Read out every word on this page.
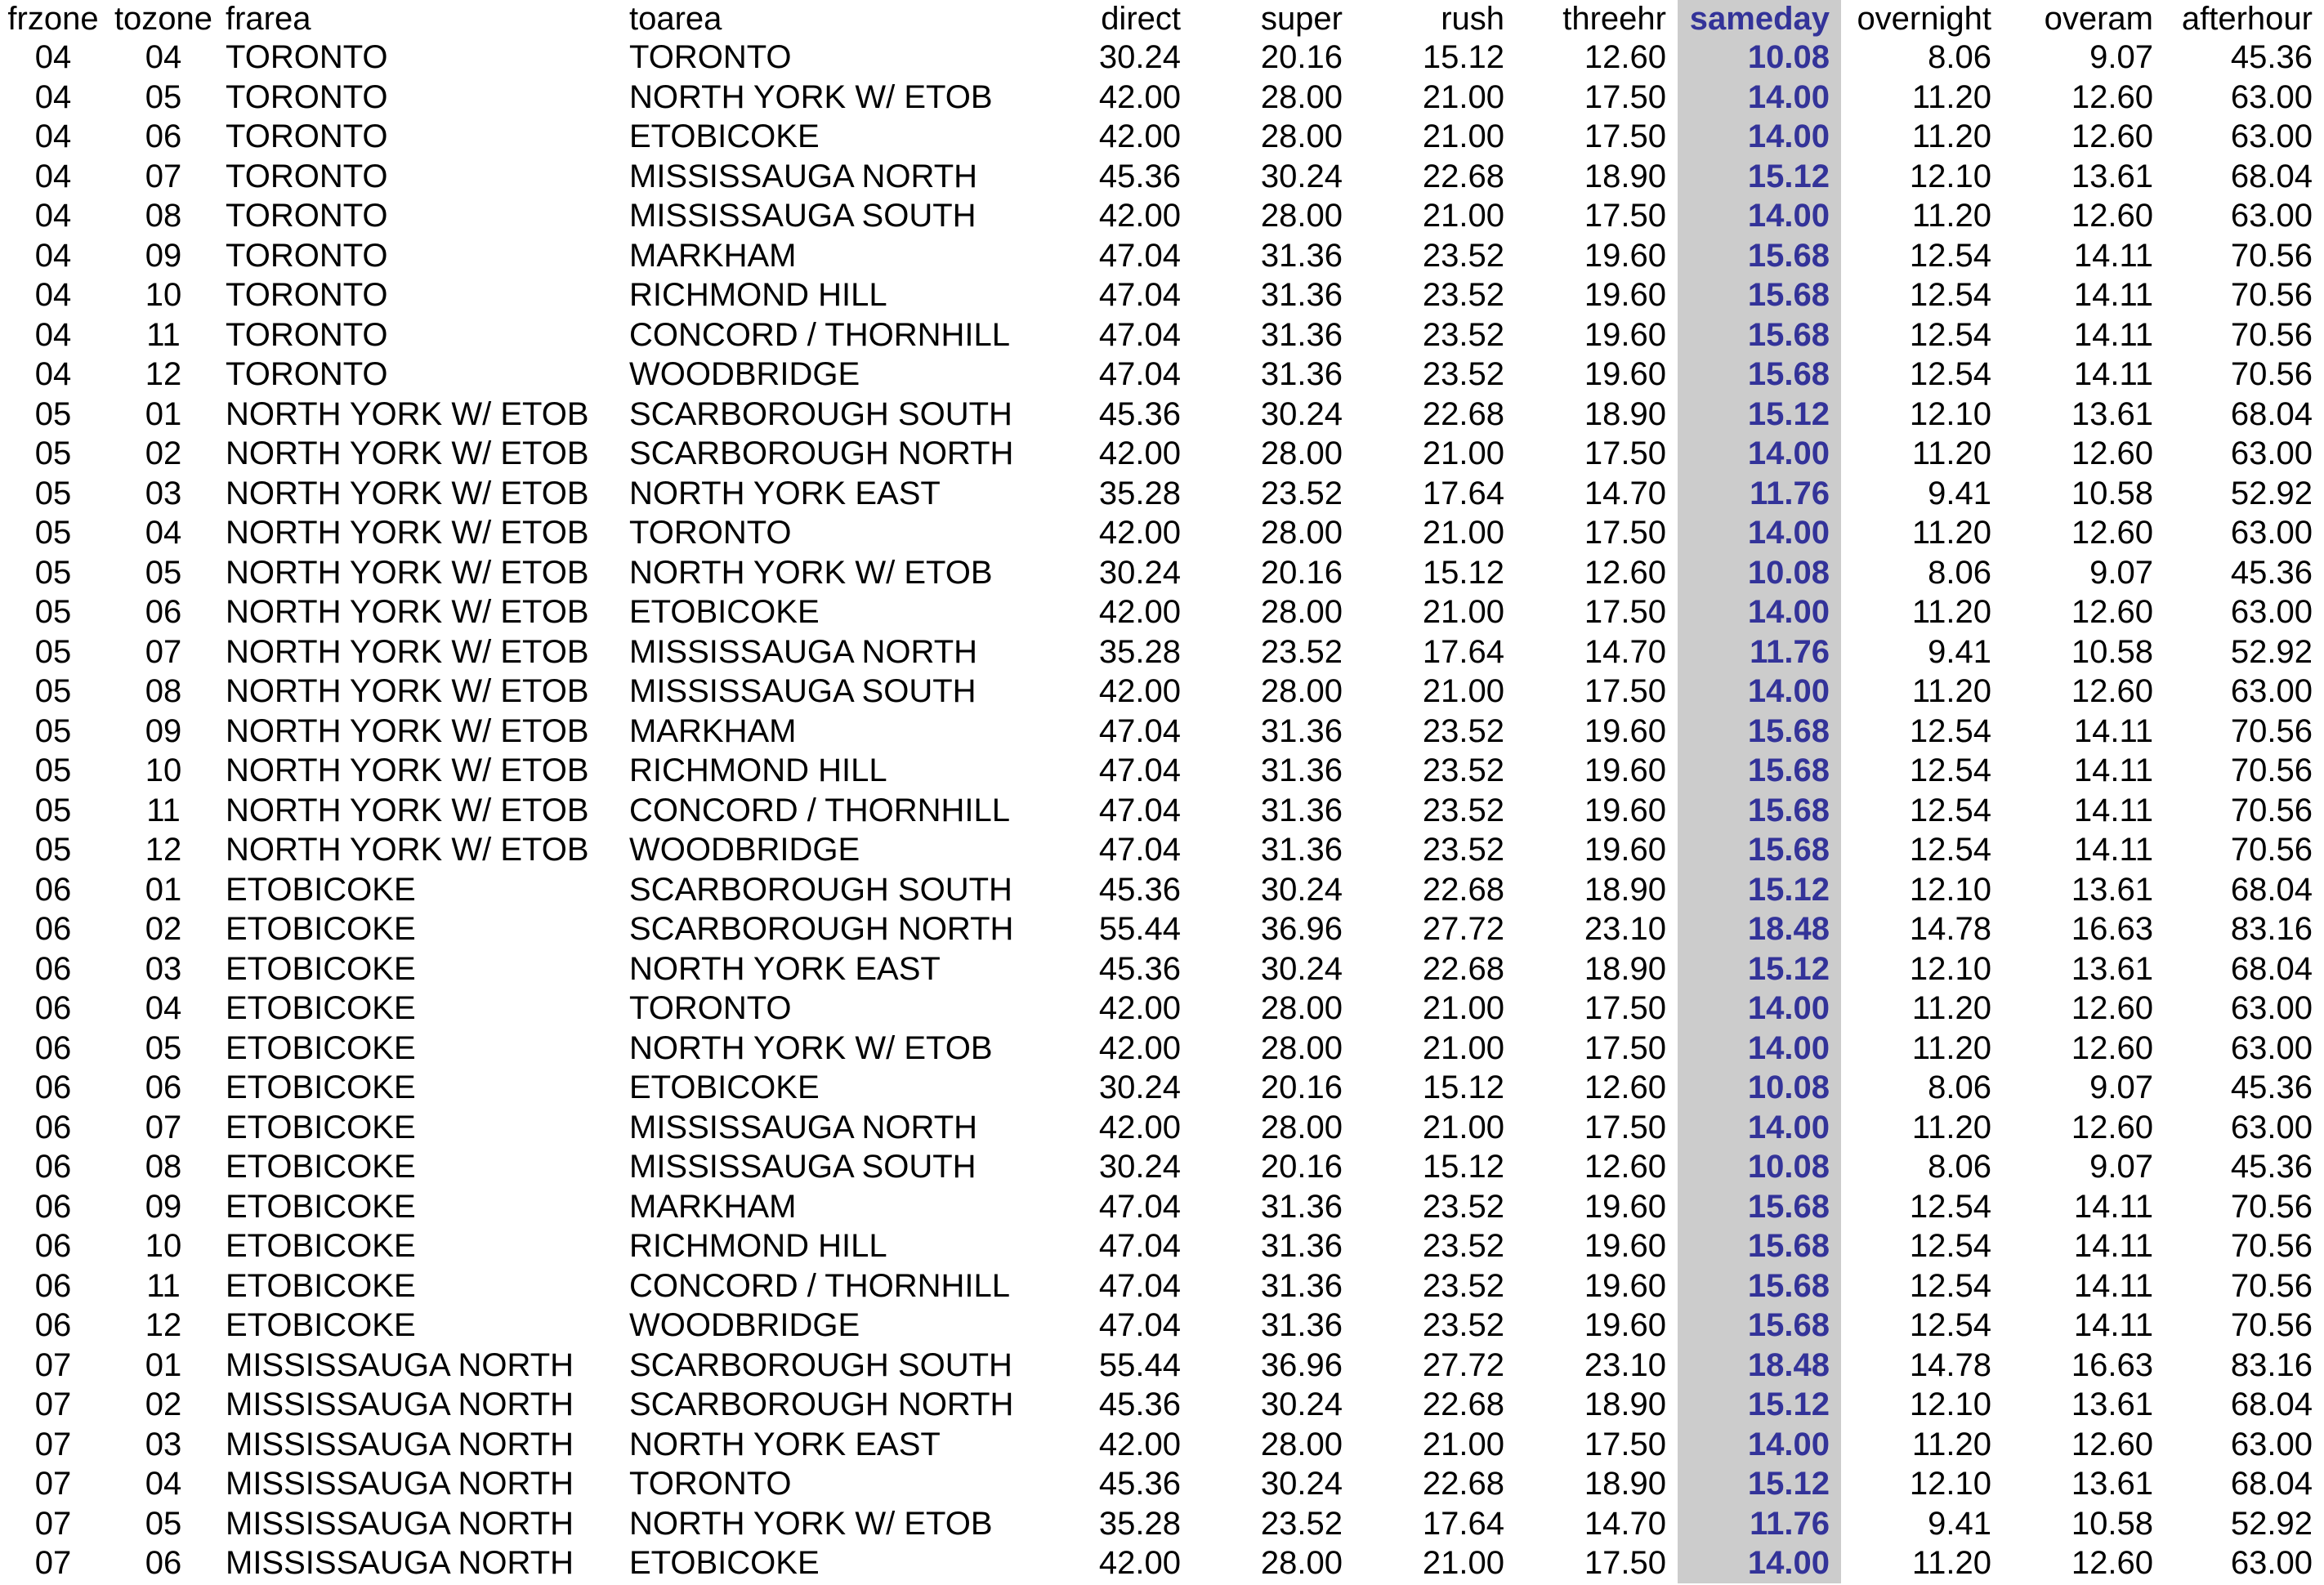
frzone	tozone	frarea	toarea	direct	super	rush	threehr	sameday	overnight	overam	afterhour
04	04	TORONTO	TORONTO	30.24	20.16	15.12	12.60	10.08	8.06	9.07	45.36
04	05	TORONTO	NORTH YORK W/ ETOB	42.00	28.00	21.00	17.50	14.00	11.20	12.60	63.00
04	06	TORONTO	ETOBICOKE	42.00	28.00	21.00	17.50	14.00	11.20	12.60	63.00
04	07	TORONTO	MISSISSAUGA NORTH	45.36	30.24	22.68	18.90	15.12	12.10	13.61	68.04
04	08	TORONTO	MISSISSAUGA SOUTH	42.00	28.00	21.00	17.50	14.00	11.20	12.60	63.00
04	09	TORONTO	MARKHAM	47.04	31.36	23.52	19.60	15.68	12.54	14.11	70.56
04	10	TORONTO	RICHMOND HILL	47.04	31.36	23.52	19.60	15.68	12.54	14.11	70.56
04	11	TORONTO	CONCORD / THORNHILL	47.04	31.36	23.52	19.60	15.68	12.54	14.11	70.56
04	12	TORONTO	WOODBRIDGE	47.04	31.36	23.52	19.60	15.68	12.54	14.11	70.56
05	01	NORTH YORK W/ ETOB	SCARBOROUGH SOUTH	45.36	30.24	22.68	18.90	15.12	12.10	13.61	68.04
05	02	NORTH YORK W/ ETOB	SCARBOROUGH NORTH	42.00	28.00	21.00	17.50	14.00	11.20	12.60	63.00
05	03	NORTH YORK W/ ETOB	NORTH YORK EAST	35.28	23.52	17.64	14.70	11.76	9.41	10.58	52.92
05	04	NORTH YORK W/ ETOB	TORONTO	42.00	28.00	21.00	17.50	14.00	11.20	12.60	63.00
05	05	NORTH YORK W/ ETOB	NORTH YORK W/ ETOB	30.24	20.16	15.12	12.60	10.08	8.06	9.07	45.36
05	06	NORTH YORK W/ ETOB	ETOBICOKE	42.00	28.00	21.00	17.50	14.00	11.20	12.60	63.00
05	07	NORTH YORK W/ ETOB	MISSISSAUGA NORTH	35.28	23.52	17.64	14.70	11.76	9.41	10.58	52.92
05	08	NORTH YORK W/ ETOB	MISSISSAUGA SOUTH	42.00	28.00	21.00	17.50	14.00	11.20	12.60	63.00
05	09	NORTH YORK W/ ETOB	MARKHAM	47.04	31.36	23.52	19.60	15.68	12.54	14.11	70.56
05	10	NORTH YORK W/ ETOB	RICHMOND HILL	47.04	31.36	23.52	19.60	15.68	12.54	14.11	70.56
05	11	NORTH YORK W/ ETOB	CONCORD / THORNHILL	47.04	31.36	23.52	19.60	15.68	12.54	14.11	70.56
05	12	NORTH YORK W/ ETOB	WOODBRIDGE	47.04	31.36	23.52	19.60	15.68	12.54	14.11	70.56
06	01	ETOBICOKE	SCARBOROUGH SOUTH	45.36	30.24	22.68	18.90	15.12	12.10	13.61	68.04
06	02	ETOBICOKE	SCARBOROUGH NORTH	55.44	36.96	27.72	23.10	18.48	14.78	16.63	83.16
06	03	ETOBICOKE	NORTH YORK EAST	45.36	30.24	22.68	18.90	15.12	12.10	13.61	68.04
06	04	ETOBICOKE	TORONTO	42.00	28.00	21.00	17.50	14.00	11.20	12.60	63.00
06	05	ETOBICOKE	NORTH YORK W/ ETOB	42.00	28.00	21.00	17.50	14.00	11.20	12.60	63.00
06	06	ETOBICOKE	ETOBICOKE	30.24	20.16	15.12	12.60	10.08	8.06	9.07	45.36
06	07	ETOBICOKE	MISSISSAUGA NORTH	42.00	28.00	21.00	17.50	14.00	11.20	12.60	63.00
06	08	ETOBICOKE	MISSISSAUGA SOUTH	30.24	20.16	15.12	12.60	10.08	8.06	9.07	45.36
06	09	ETOBICOKE	MARKHAM	47.04	31.36	23.52	19.60	15.68	12.54	14.11	70.56
06	10	ETOBICOKE	RICHMOND HILL	47.04	31.36	23.52	19.60	15.68	12.54	14.11	70.56
06	11	ETOBICOKE	CONCORD / THORNHILL	47.04	31.36	23.52	19.60	15.68	12.54	14.11	70.56
06	12	ETOBICOKE	WOODBRIDGE	47.04	31.36	23.52	19.60	15.68	12.54	14.11	70.56
07	01	MISSISSAUGA NORTH	SCARBOROUGH SOUTH	55.44	36.96	27.72	23.10	18.48	14.78	16.63	83.16
07	02	MISSISSAUGA NORTH	SCARBOROUGH NORTH	45.36	30.24	22.68	18.90	15.12	12.10	13.61	68.04
07	03	MISSISSAUGA NORTH	NORTH YORK EAST	42.00	28.00	21.00	17.50	14.00	11.20	12.60	63.00
07	04	MISSISSAUGA NORTH	TORONTO	45.36	30.24	22.68	18.90	15.12	12.10	13.61	68.04
07	05	MISSISSAUGA NORTH	NORTH YORK W/ ETOB	35.28	23.52	17.64	14.70	11.76	9.41	10.58	52.92
07	06	MISSISSAUGA NORTH	ETOBICOKE	42.00	28.00	21.00	17.50	14.00	11.20	12.60	63.00
